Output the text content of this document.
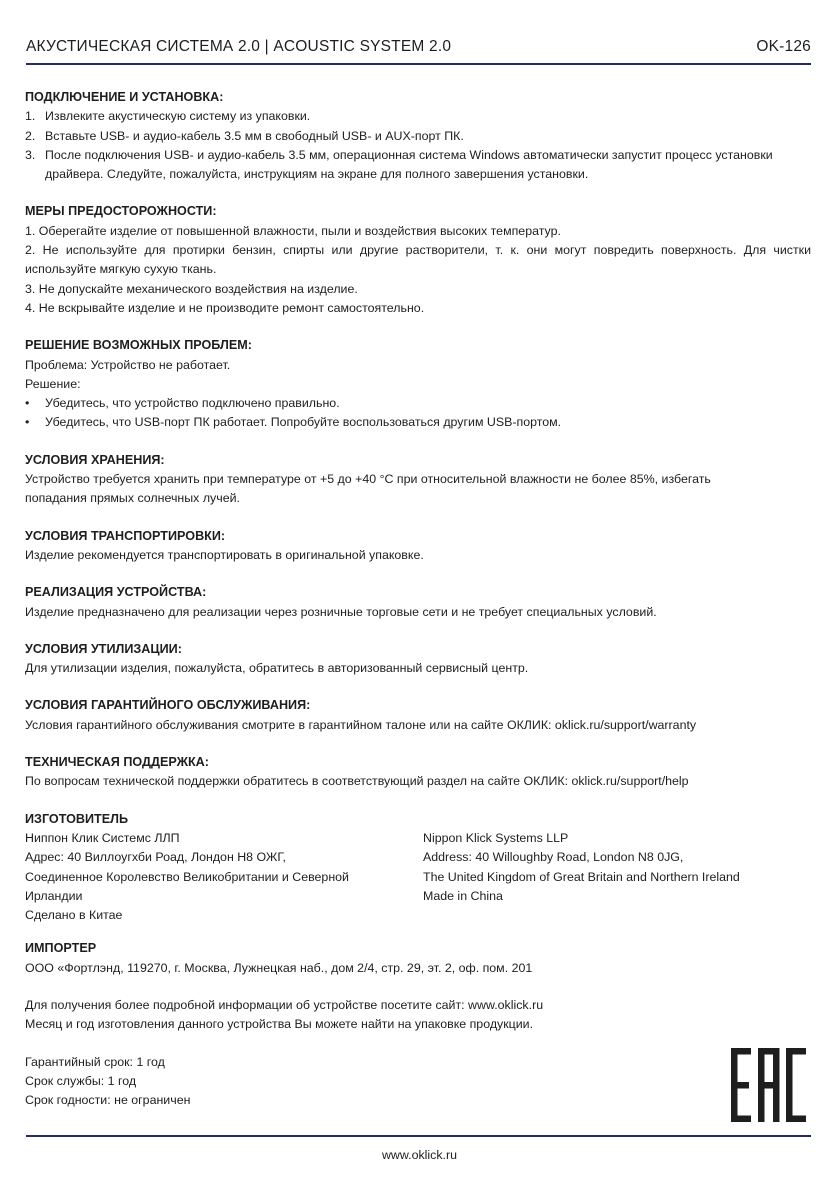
АКУСТИЧЕСКАЯ СИСТЕМА 2.0 | ACOUSTIC SYSTEM 2.0	OK-126
ПОДКЛЮЧЕНИЕ И УСТАНОВКА:
1. Извлеките акустическую систему из упаковки.
2. Вставьте USB- и аудио-кабель 3.5 мм в свободный USB- и AUX-порт ПК.
3. После подключения USB- и аудио-кабель 3.5 мм, операционная система Windows автоматически запустит процесс установки драйвера. Следуйте, пожалуйста, инструкциям на экране для полного завершения установки.
МЕРЫ ПРЕДОСТОРОЖНОСТИ:
1. Оберегайте изделие от повышенной влажности, пыли и воздействия высоких температур.
2. Не используйте для протирки бензин, спирты или другие растворители, т. к. они могут повредить поверхность. Для чистки используйте мягкую сухую ткань.
3. Не допускайте механического воздействия на изделие.
4. Не вскрывайте изделие и не производите ремонт самостоятельно.
РЕШЕНИЕ ВОЗМОЖНЫХ ПРОБЛЕМ:
Проблема: Устройство не работает.
Решение:
•	Убедитесь, что устройство подключено правильно.
•	Убедитесь, что USB-порт ПК работает. Попробуйте воспользоваться другим USB-портом.
УСЛОВИЯ ХРАНЕНИЯ:
Устройство требуется хранить при температуре от +5 до +40 °С при относительной влажности не более 85%, избегать
попадания прямых солнечных лучей.
УСЛОВИЯ ТРАНСПОРТИРОВКИ:
Изделие рекомендуется транспортировать в оригинальной упаковке.
РЕАЛИЗАЦИЯ УСТРОЙСТВА:
Изделие предназначено для реализации через розничные торговые сети и не требует специальных условий.
УСЛОВИЯ УТИЛИЗАЦИИ:
Для утилизации изделия, пожалуйста, обратитесь в авторизованный сервисный центр.
УСЛОВИЯ ГАРАНТИЙНОГО ОБСЛУЖИВАНИЯ:
Условия гарантийного обслуживания смотрите в гарантийном талоне или на сайте ОКЛИК: oklick.ru/support/warranty
ТЕХНИЧЕСКАЯ ПОДДЕРЖКА:
По вопросам технической поддержки обратитесь в соответствующий раздел на сайте ОКЛИК: oklick.ru/support/help
ИЗГОТОВИТЕЛЬ
Ниппон Клик Системс ЛЛП
Адрес: 40 Виллоугхби Роад, Лондон Н8 ОЖГ,
Соединенное Королевство Великобритании и Северной
Ирландии
Сделано в Китае
Nippon Klick Systems LLP
Address: 40 Willoughby Road, London N8 0JG,
The United Kingdom of Great Britain and Northern Ireland
Made in China
ИМПОРТЕР
ООО «Фортлэнд, 119270, г. Москва, Лужнецкая наб., дом 2/4, стр. 29, эт. 2, оф. пом. 201
Для получения более подробной информации об устройстве посетите сайт: www.oklick.ru
Месяц и год изготовления данного устройства Вы можете найти на упаковке продукции.
Гарантийный срок: 1 год
Срок службы: 1 год
Срок годности: не ограничен
www.oklick.ru
